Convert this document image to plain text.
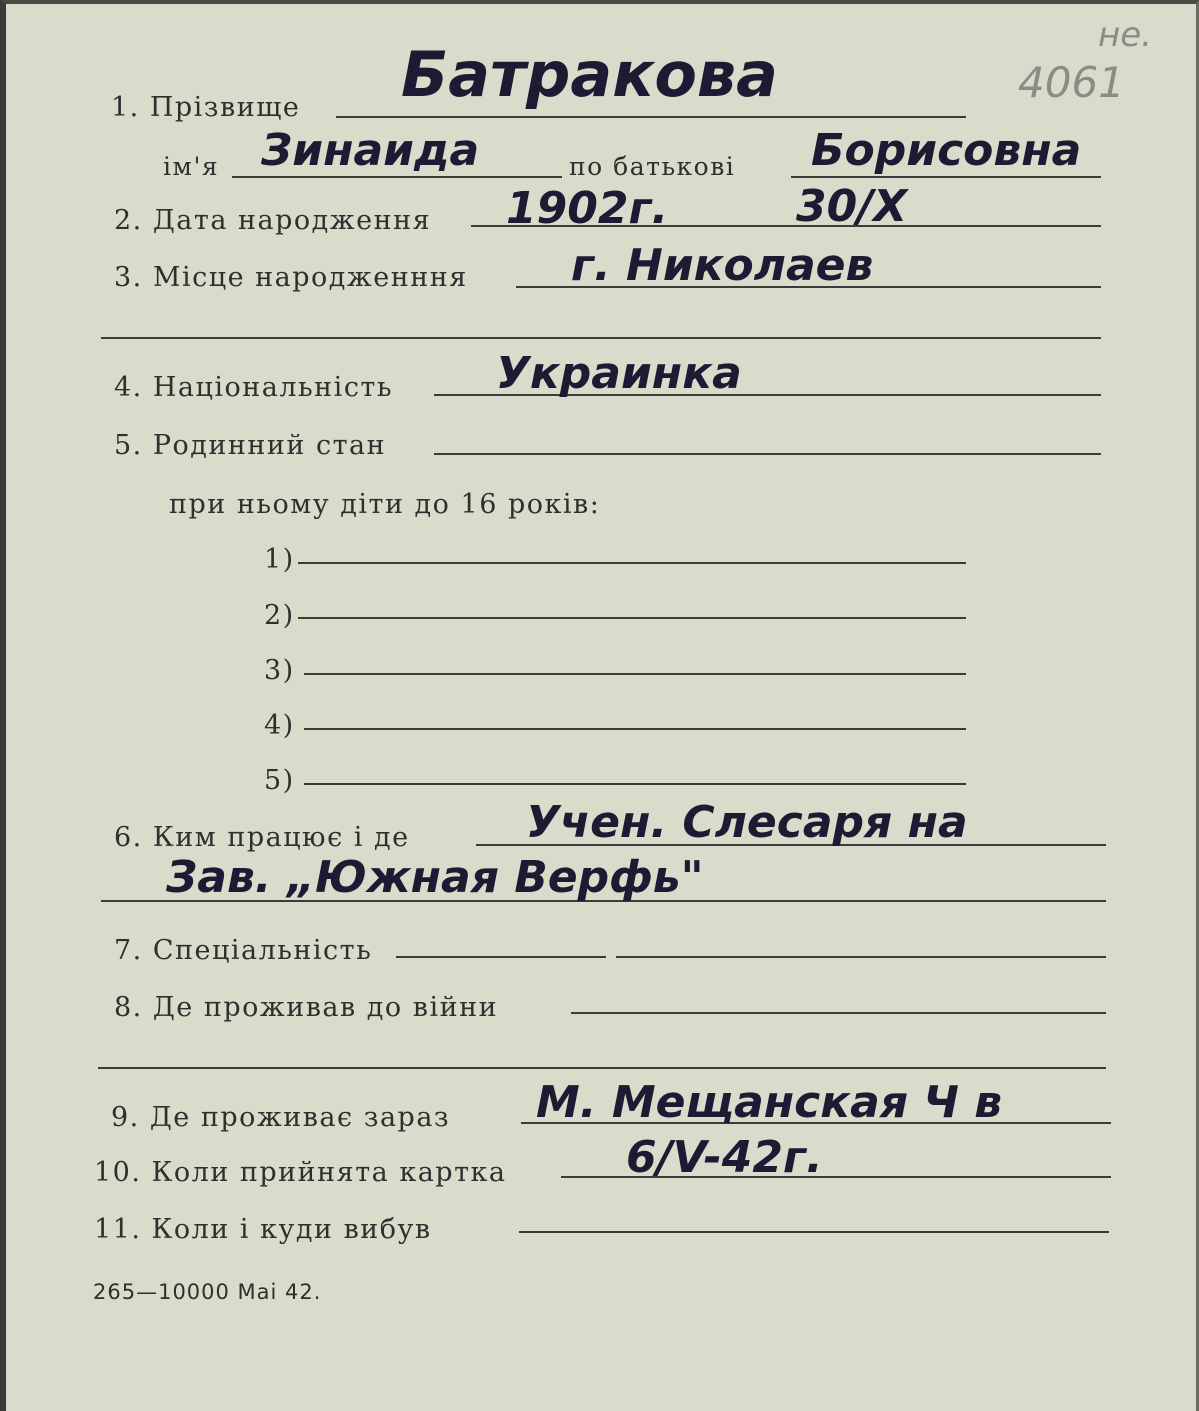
не.
4061
1. Прізвище Батракова
ім'я Зинаида	по батькові Борисовна
2. Дата народження 1902г.	30/X
3. Місце народженння г. Николаев
4. Національність Украинка
5. Родинний стан
при ньому діти до 16 років:
1)
2)
3)
4)
5)
6. Ким працює і де	Учен. Слесаря на
Зав. „Южная Верфь"
7. Спеціальність
8. Де проживав до війни
9. Де проживає зараз М. Мещанская Ч в
10. Коли прийнята картка	6/V-42г.
11. Коли і куди вибув
265—10000 Mai 42.
